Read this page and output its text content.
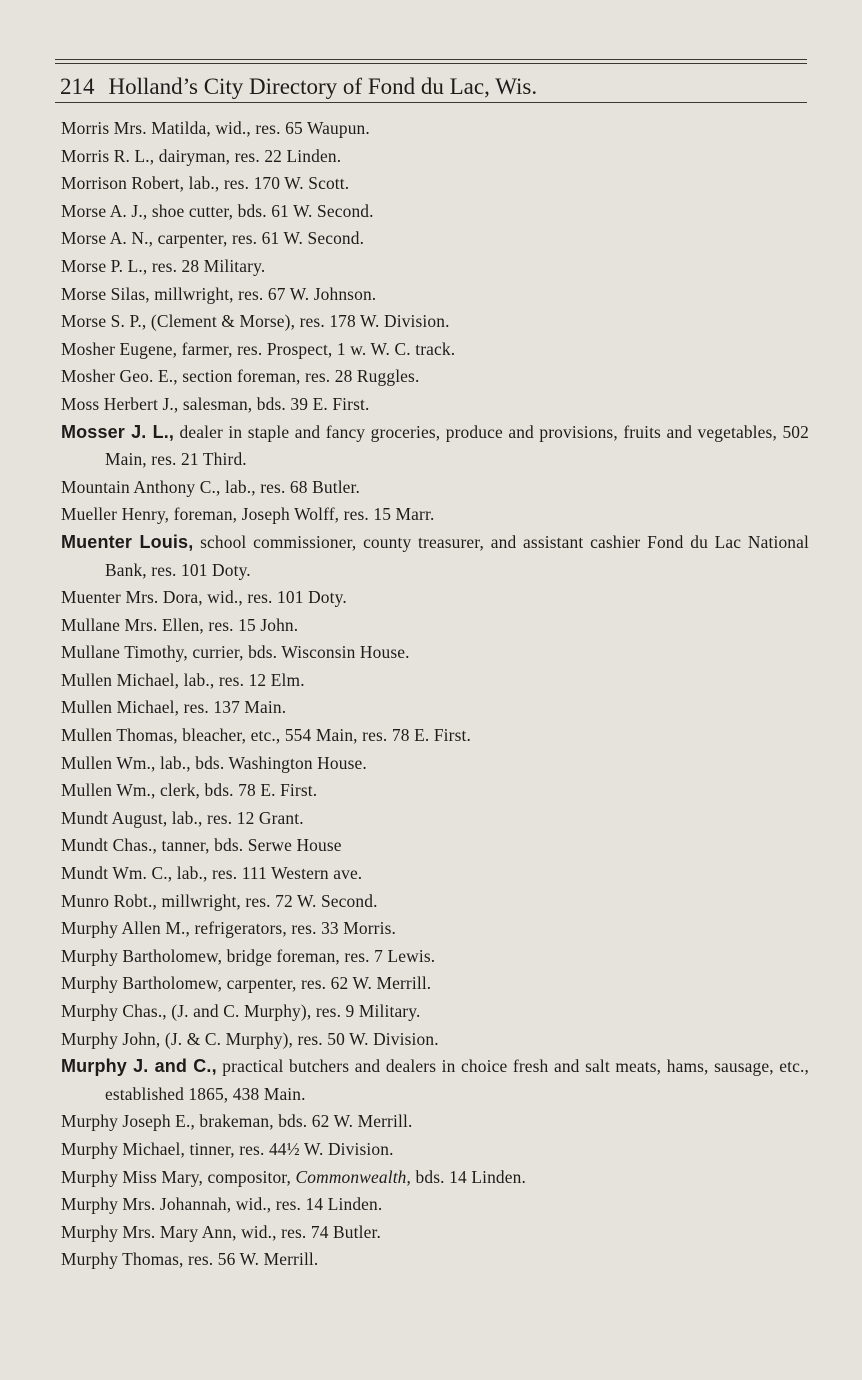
214 Holland’s City Directory of Fond du Lac, Wis.
Morris Mrs. Matilda, wid., res. 65 Waupun.
Morris R. L., dairyman, res. 22 Linden.
Morrison Robert, lab., res. 170 W. Scott.
Morse A. J., shoe cutter, bds. 61 W. Second.
Morse A. N., carpenter, res. 61 W. Second.
Morse P. L., res. 28 Military.
Morse Silas, millwright, res. 67 W. Johnson.
Morse S. P., (Clement & Morse), res. 178 W. Division.
Mosher Eugene, farmer, res. Prospect, 1 w. W. C. track.
Mosher Geo. E., section foreman, res. 28 Ruggles.
Moss Herbert J., salesman, bds. 39 E. First.
Mosser J. L., dealer in staple and fancy groceries, produce and provisions, fruits and vegetables, 502 Main, res. 21 Third.
Mountain Anthony C., lab., res. 68 Butler.
Mueller Henry, foreman, Joseph Wolff, res. 15 Marr.
Muenter Louis, school commissioner, county treasurer, and assistant cashier Fond du Lac National Bank, res. 101 Doty.
Muenter Mrs. Dora, wid., res. 101 Doty.
Mullane Mrs. Ellen, res. 15 John.
Mullane Timothy, currier, bds. Wisconsin House.
Mullen Michael, lab., res. 12 Elm.
Mullen Michael, res. 137 Main.
Mullen Thomas, bleacher, etc., 554 Main, res. 78 E. First.
Mullen Wm., lab., bds. Washington House.
Mullen Wm., clerk, bds. 78 E. First.
Mundt August, lab., res. 12 Grant.
Mundt Chas., tanner, bds. Serwe House
Mundt Wm. C., lab., res. 111 Western ave.
Munro Robt., millwright, res. 72 W. Second.
Murphy Allen M., refrigerators, res. 33 Morris.
Murphy Bartholomew, bridge foreman, res. 7 Lewis.
Murphy Bartholomew, carpenter, res. 62 W. Merrill.
Murphy Chas., (J. and C. Murphy), res. 9 Military.
Murphy John, (J. & C. Murphy), res. 50 W. Division.
Murphy J. and C., practical butchers and dealers in choice fresh and salt meats, hams, sausage, etc., established 1865, 438 Main.
Murphy Joseph E., brakeman, bds. 62 W. Merrill.
Murphy Michael, tinner, res. 44½ W. Division.
Murphy Miss Mary, compositor, Commonwealth, bds. 14 Linden.
Murphy Mrs. Johannah, wid., res. 14 Linden.
Murphy Mrs. Mary Ann, wid., res. 74 Butler.
Murphy Thomas, res. 56 W. Merrill.
